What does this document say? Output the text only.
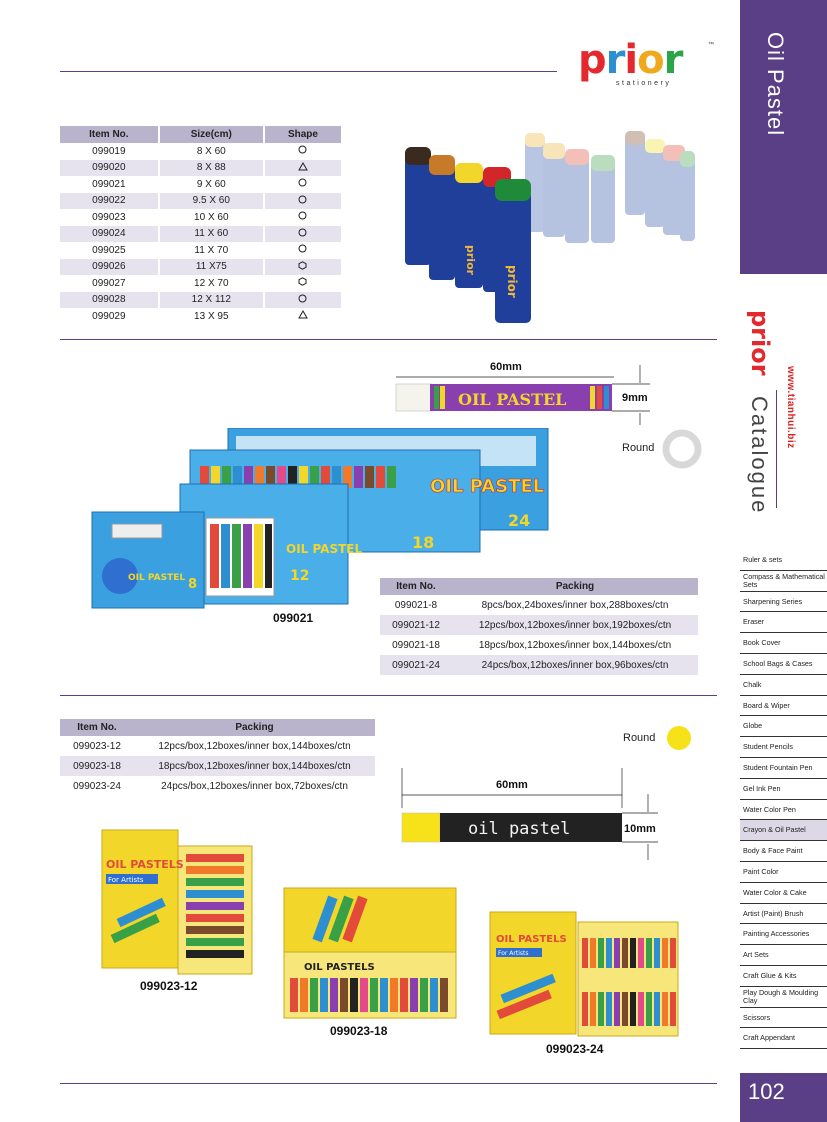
prior
stationery
™	Oil Pastel
prior
Catalogue www.tianhui.biz
Ruler & sets
Compass & Mathematical Sets
Sharpening Series
Eraser
Book Cover
School Bags & Cases
Chalk
Board & Wiper
Globe
Student Pencils
Student Fountain Pen
Gel Ink Pen
Water Color Pen
Crayon & Oil Pastel
Body & Face Paint
Paint Color
Water Color & Cake
Artist (Paint) Brush
Painting Accessories
Art Sets
Craft Glue & Kits
Play Dough & Moulding Clay
Scissors
Craft Appendant
102
Item No.	Size(cm)	Shape
099019	8 X 60	
099020	8 X 88	
099021	9 X 60	
099022	9.5 X 60	
099023	10 X 60	
099024	11 X 60	
099025	11 X 70	
099026	11 X75	
099027	12 X 70	
099028	12 X 112	
099029	13 X 95	
prior
prior
OIL PASTEL
60mm
9mm
Round
OIL PASTEL
24
18
OIL PASTEL
12
OIL PASTEL 8
099021
Item No.	Packing
099021-8	8pcs/box,24boxes/inner box,288boxes/ctn
099021-12	12pcs/box,12boxes/inner box,192boxes/ctn
099021-18	18pcs/box,12boxes/inner box,144boxes/ctn
099021-24	24pcs/box,12boxes/inner box,96boxes/ctn
Item No.	Packing
099023-12	12pcs/box,12boxes/inner box,144boxes/ctn
099023-18	18pcs/box,12boxes/inner box,144boxes/ctn
099023-24	24pcs/box,12boxes/inner box,72boxes/ctn
Round
oil pastel
60mm
10mm
OIL PASTELS
For Artists
099023-12
OIL PASTELS
099023-18
OIL PASTELS
For Artists
099023-24
